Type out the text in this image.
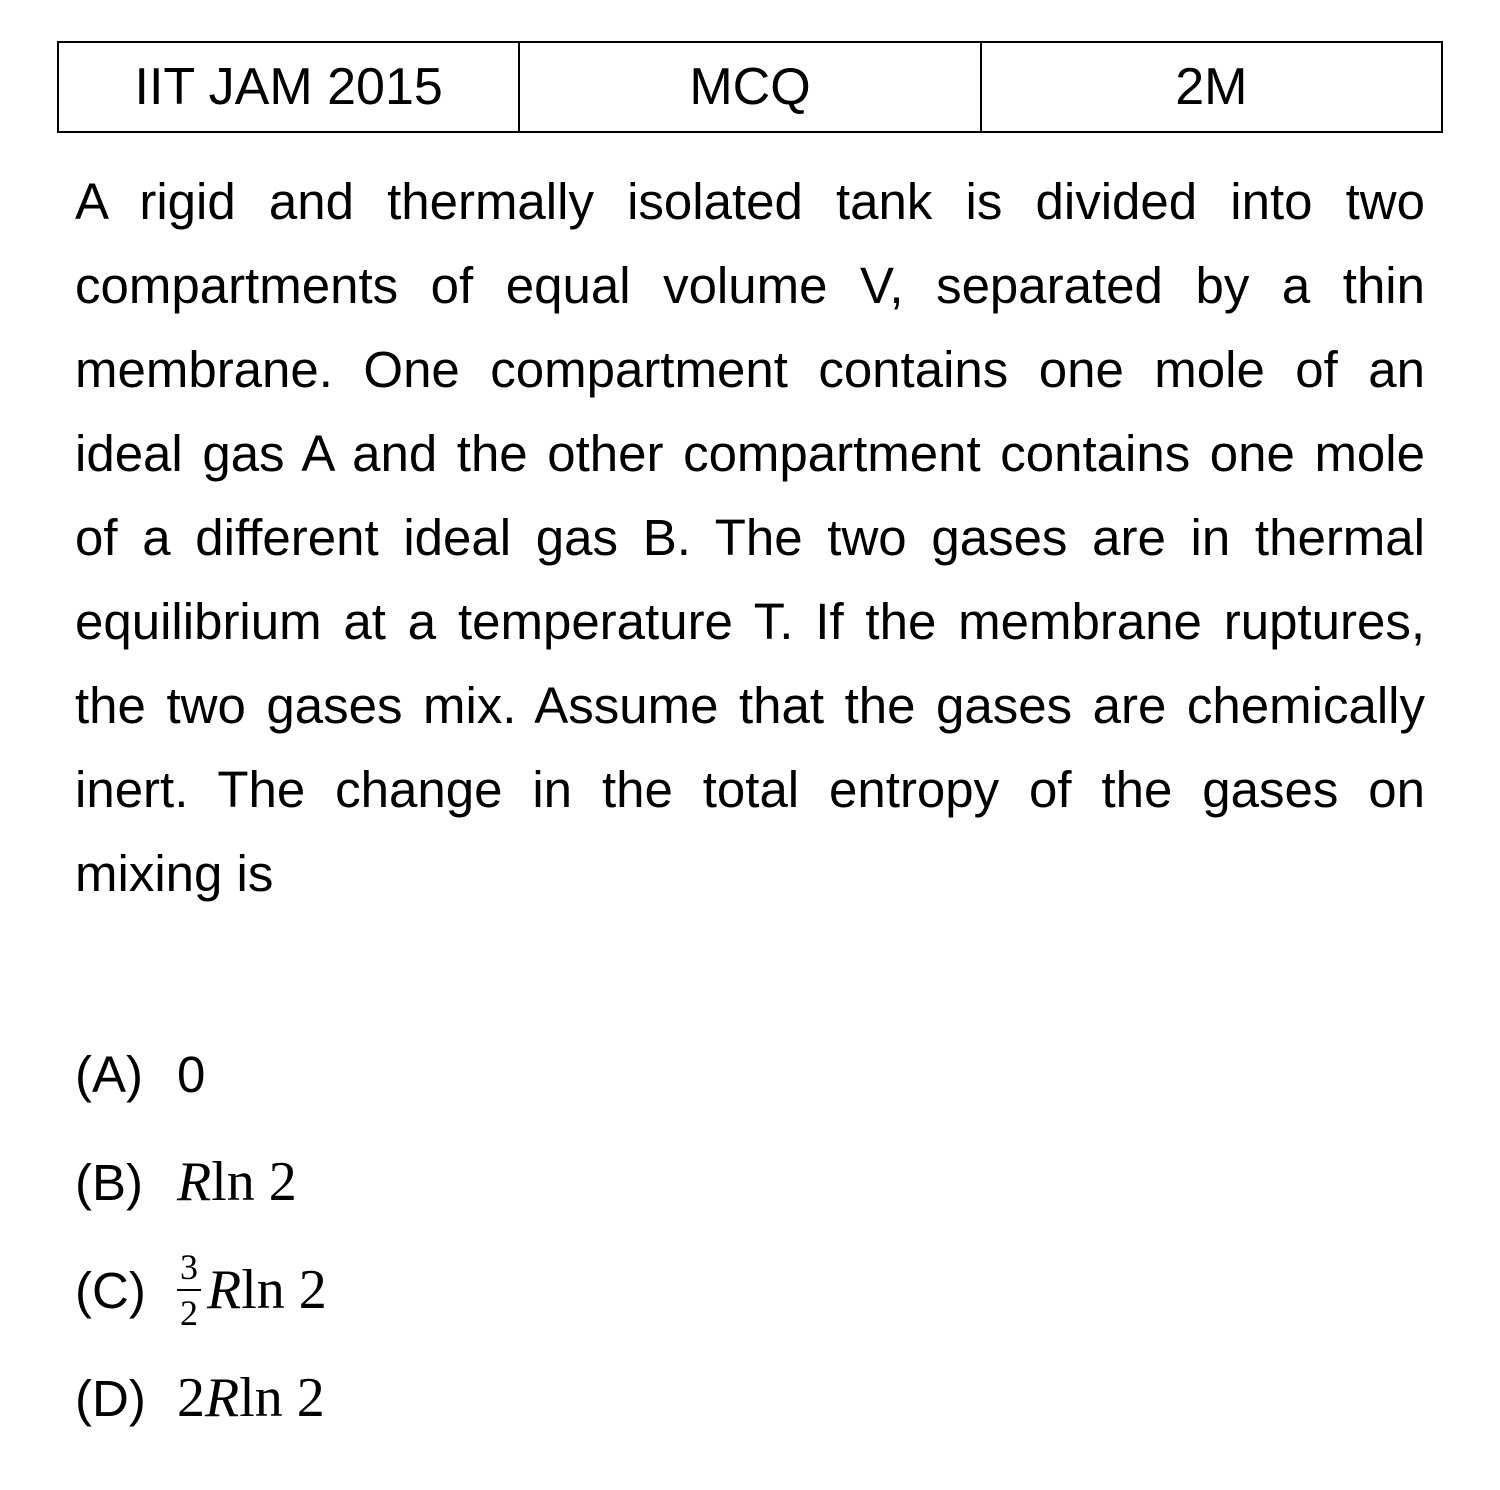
IIT JAM 2015	MCQ	2M

A rigid and thermally isolated tank is divided into two compartments of equal volume V, separated by a thin membrane. One compartment contains one mole of an ideal gas A and the other compartment contains one mole of a different ideal gas B. The two gases are in thermal equilibrium at a temperature T. If the membrane ruptures, the two gases mix. Assume that the gases are chemically inert. The change in the total entropy of the gases on mixing is

(A) 0
(B) Rln 2
$(C) \frac{3}{2}$ Rln 2
(D) 2Rln 2
